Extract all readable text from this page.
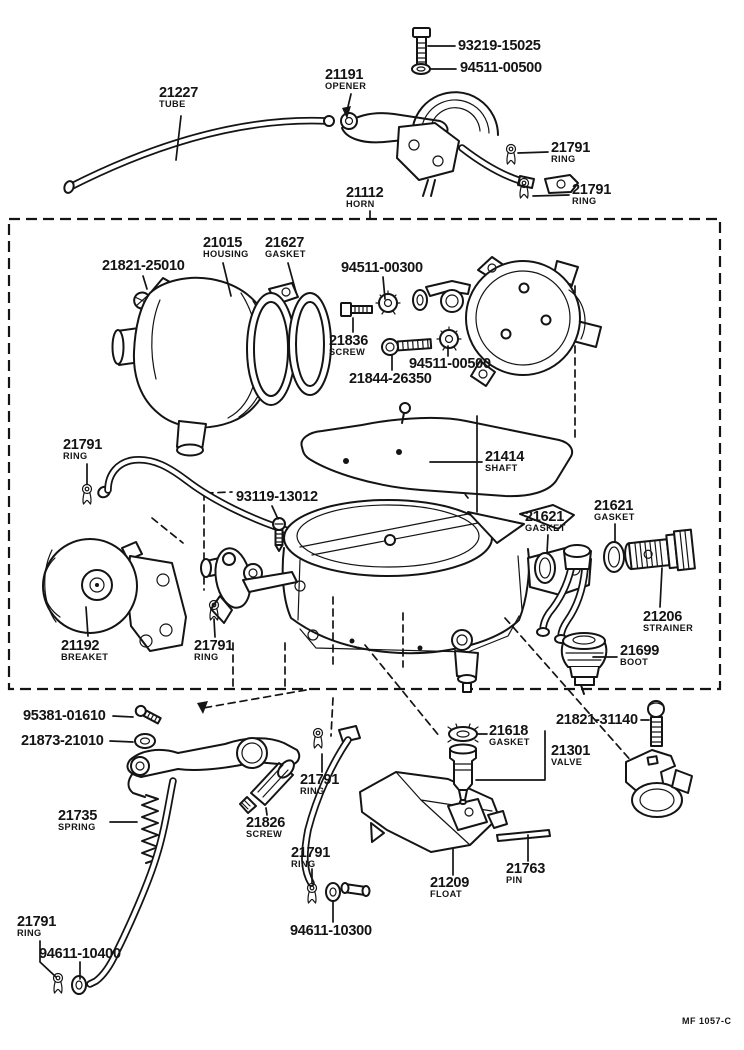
93219-15025
94511-00500
21191
OPENER
21227
TUBE
21791
RING
21791
RING
21112
HORN
21821-25010
21015
HOUSING
21627
GASKET
94511-00300
21836
SCREW
94511-00500
21844-26350
21414
SHAFT
21791
RING
93119-13012
21621
GASKET
21621
GASKET
21206
STRAINER
21192
BREAKET
21791
RING	21699
BOOT
95381-01610
21873-21010
21821-31140
21618
GASKET 21301
VALVE
21791
RING
21735
SPRING	21826
SCREW
21791
RING	21763
PIN
21209
FLOAT
94611-10300
21791
RING
94611-10400
MF 1057-C
